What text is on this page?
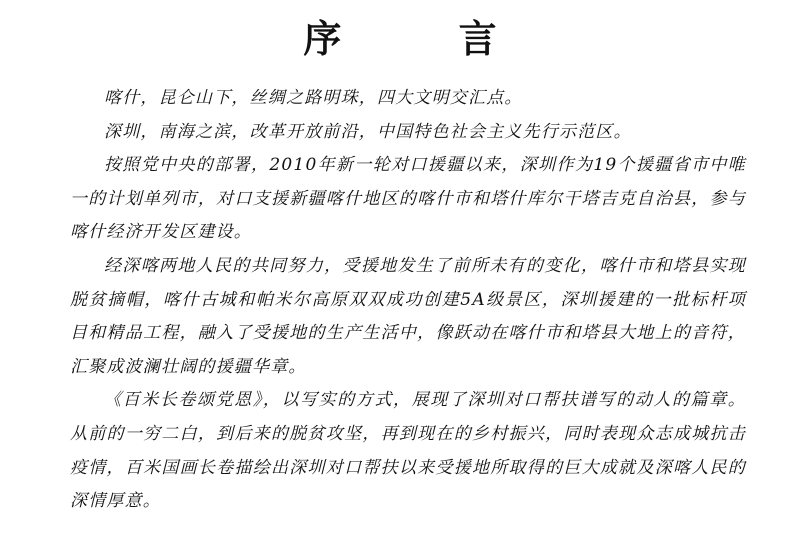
序 言

喀什，昆仑山下，丝绸之路明珠，四大文明交汇点。

深圳，南海之滨，改革开放前沿，中国特色社会主义先行示范区。

按照党中央的部署，2010年新一轮对口援疆以来，深圳作为19个援疆省市中唯一的计划单列市，对口支援新疆喀什地区的喀什市和塔什库尔干塔吉克自治县，参与喀什经济开发区建设。

经深喀两地人民的共同努力，受援地发生了前所未有的变化，喀什市和塔县实现脱贫摘帽，喀什古城和帕米尔高原双双成功创建5A级景区，深圳援建的一批标杆项目和精品工程，融入了受援地的生产生活中，像跃动在喀什市和塔县大地上的音符，汇聚成波澜壮阔的援疆华章。

《百米长卷颂党恩》，以写实的方式，展现了深圳对口帮扶谱写的动人的篇章。从前的一穷二白，到后来的脱贫攻坚，再到现在的乡村振兴，同时表现众志成城抗击疫情，百米国画长卷描绘出深圳对口帮扶以来受援地所取得的巨大成就及深喀人民的深情厚意。
